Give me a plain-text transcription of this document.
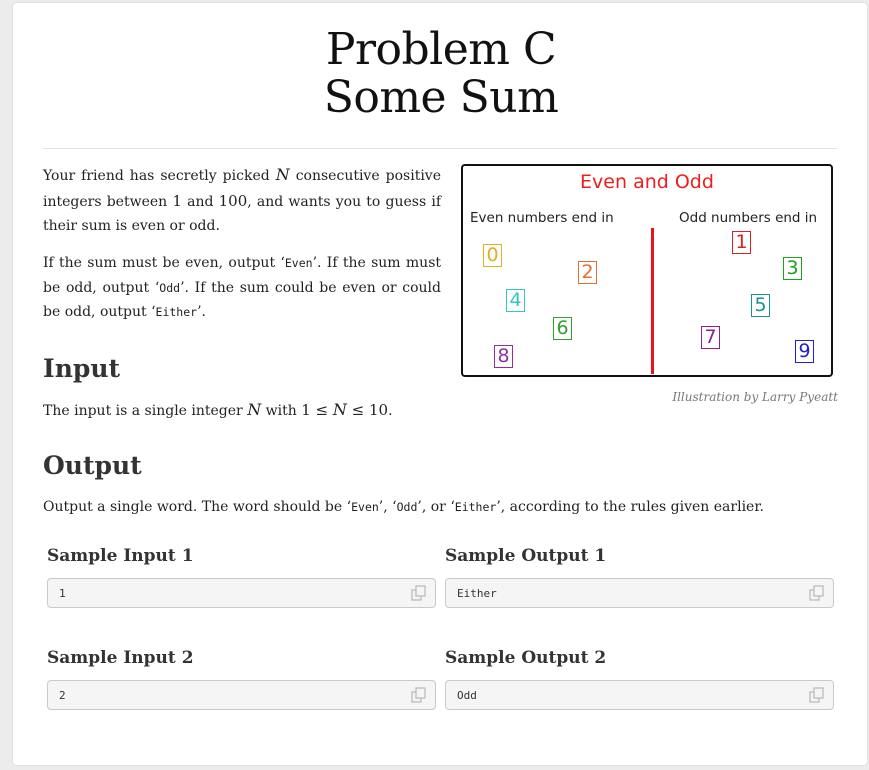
Problem C
Some Sum
Your friend has secretly picked N consecutive positive integers between 1 and 100, and wants you to guess if their sum is even or odd.
If the sum must be even, output ‘Even’. If the sum must be odd, output ‘Odd’. If the sum could be even or could be odd, output ‘Either’.
Even and Odd
Even numbers end in	Odd numbers end in
0
2
4
6
8
1
3
5
7
9
Illustration by Larry Pyeatt
Input
The input is a single integer N with 1 ≤ N ≤ 10.
Output
Output a single word. The word should be ‘Even’, ‘Odd’, or ‘Either’, according to the rules given earlier.
Sample Input 1
1
Sample Output 1
Either
Sample Input 2
2
Sample Output 2
Odd
